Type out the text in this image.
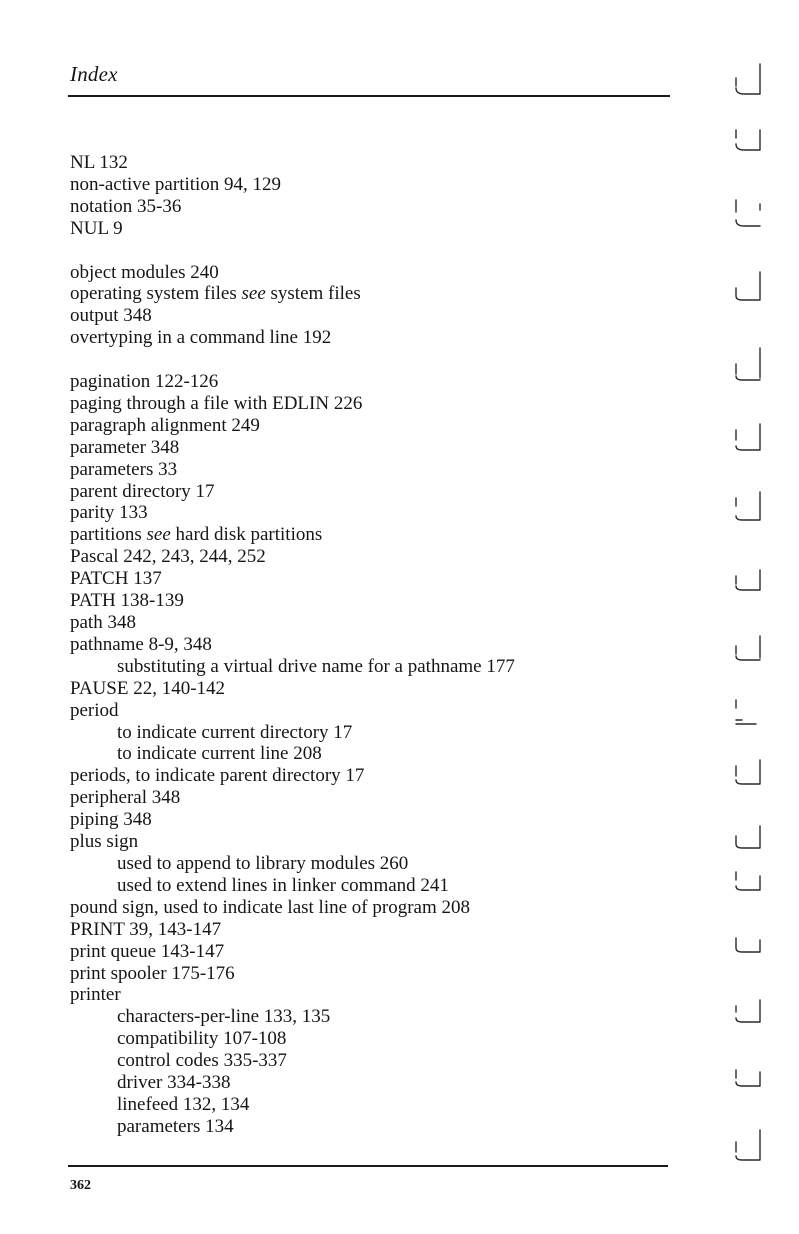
Index
NL 132
non-active partition 94, 129
notation 35-36
NUL 9
object modules 240
operating system files see system files
output 348
overtyping in a command line 192
pagination 122-126
paging through a file with EDLIN 226
paragraph alignment 249
parameter 348
parameters 33
parent directory 17
parity 133
partitions see hard disk partitions
Pascal 242, 243, 244, 252
PATCH 137
PATH 138-139
path 348
pathname 8-9, 348
substituting a virtual drive name for a pathname 177
PAUSE 22, 140-142
period
to indicate current directory 17
to indicate current line 208
periods, to indicate parent directory 17
peripheral 348
piping 348
plus sign
used to append to library modules 260
used to extend lines in linker command 241
pound sign, used to indicate last line of program 208
PRINT 39, 143-147
print queue 143-147
print spooler 175-176
printer
characters-per-line 133, 135
compatibility 107-108
control codes 335-337
driver 334-338
linefeed 132, 134
parameters 134
362
